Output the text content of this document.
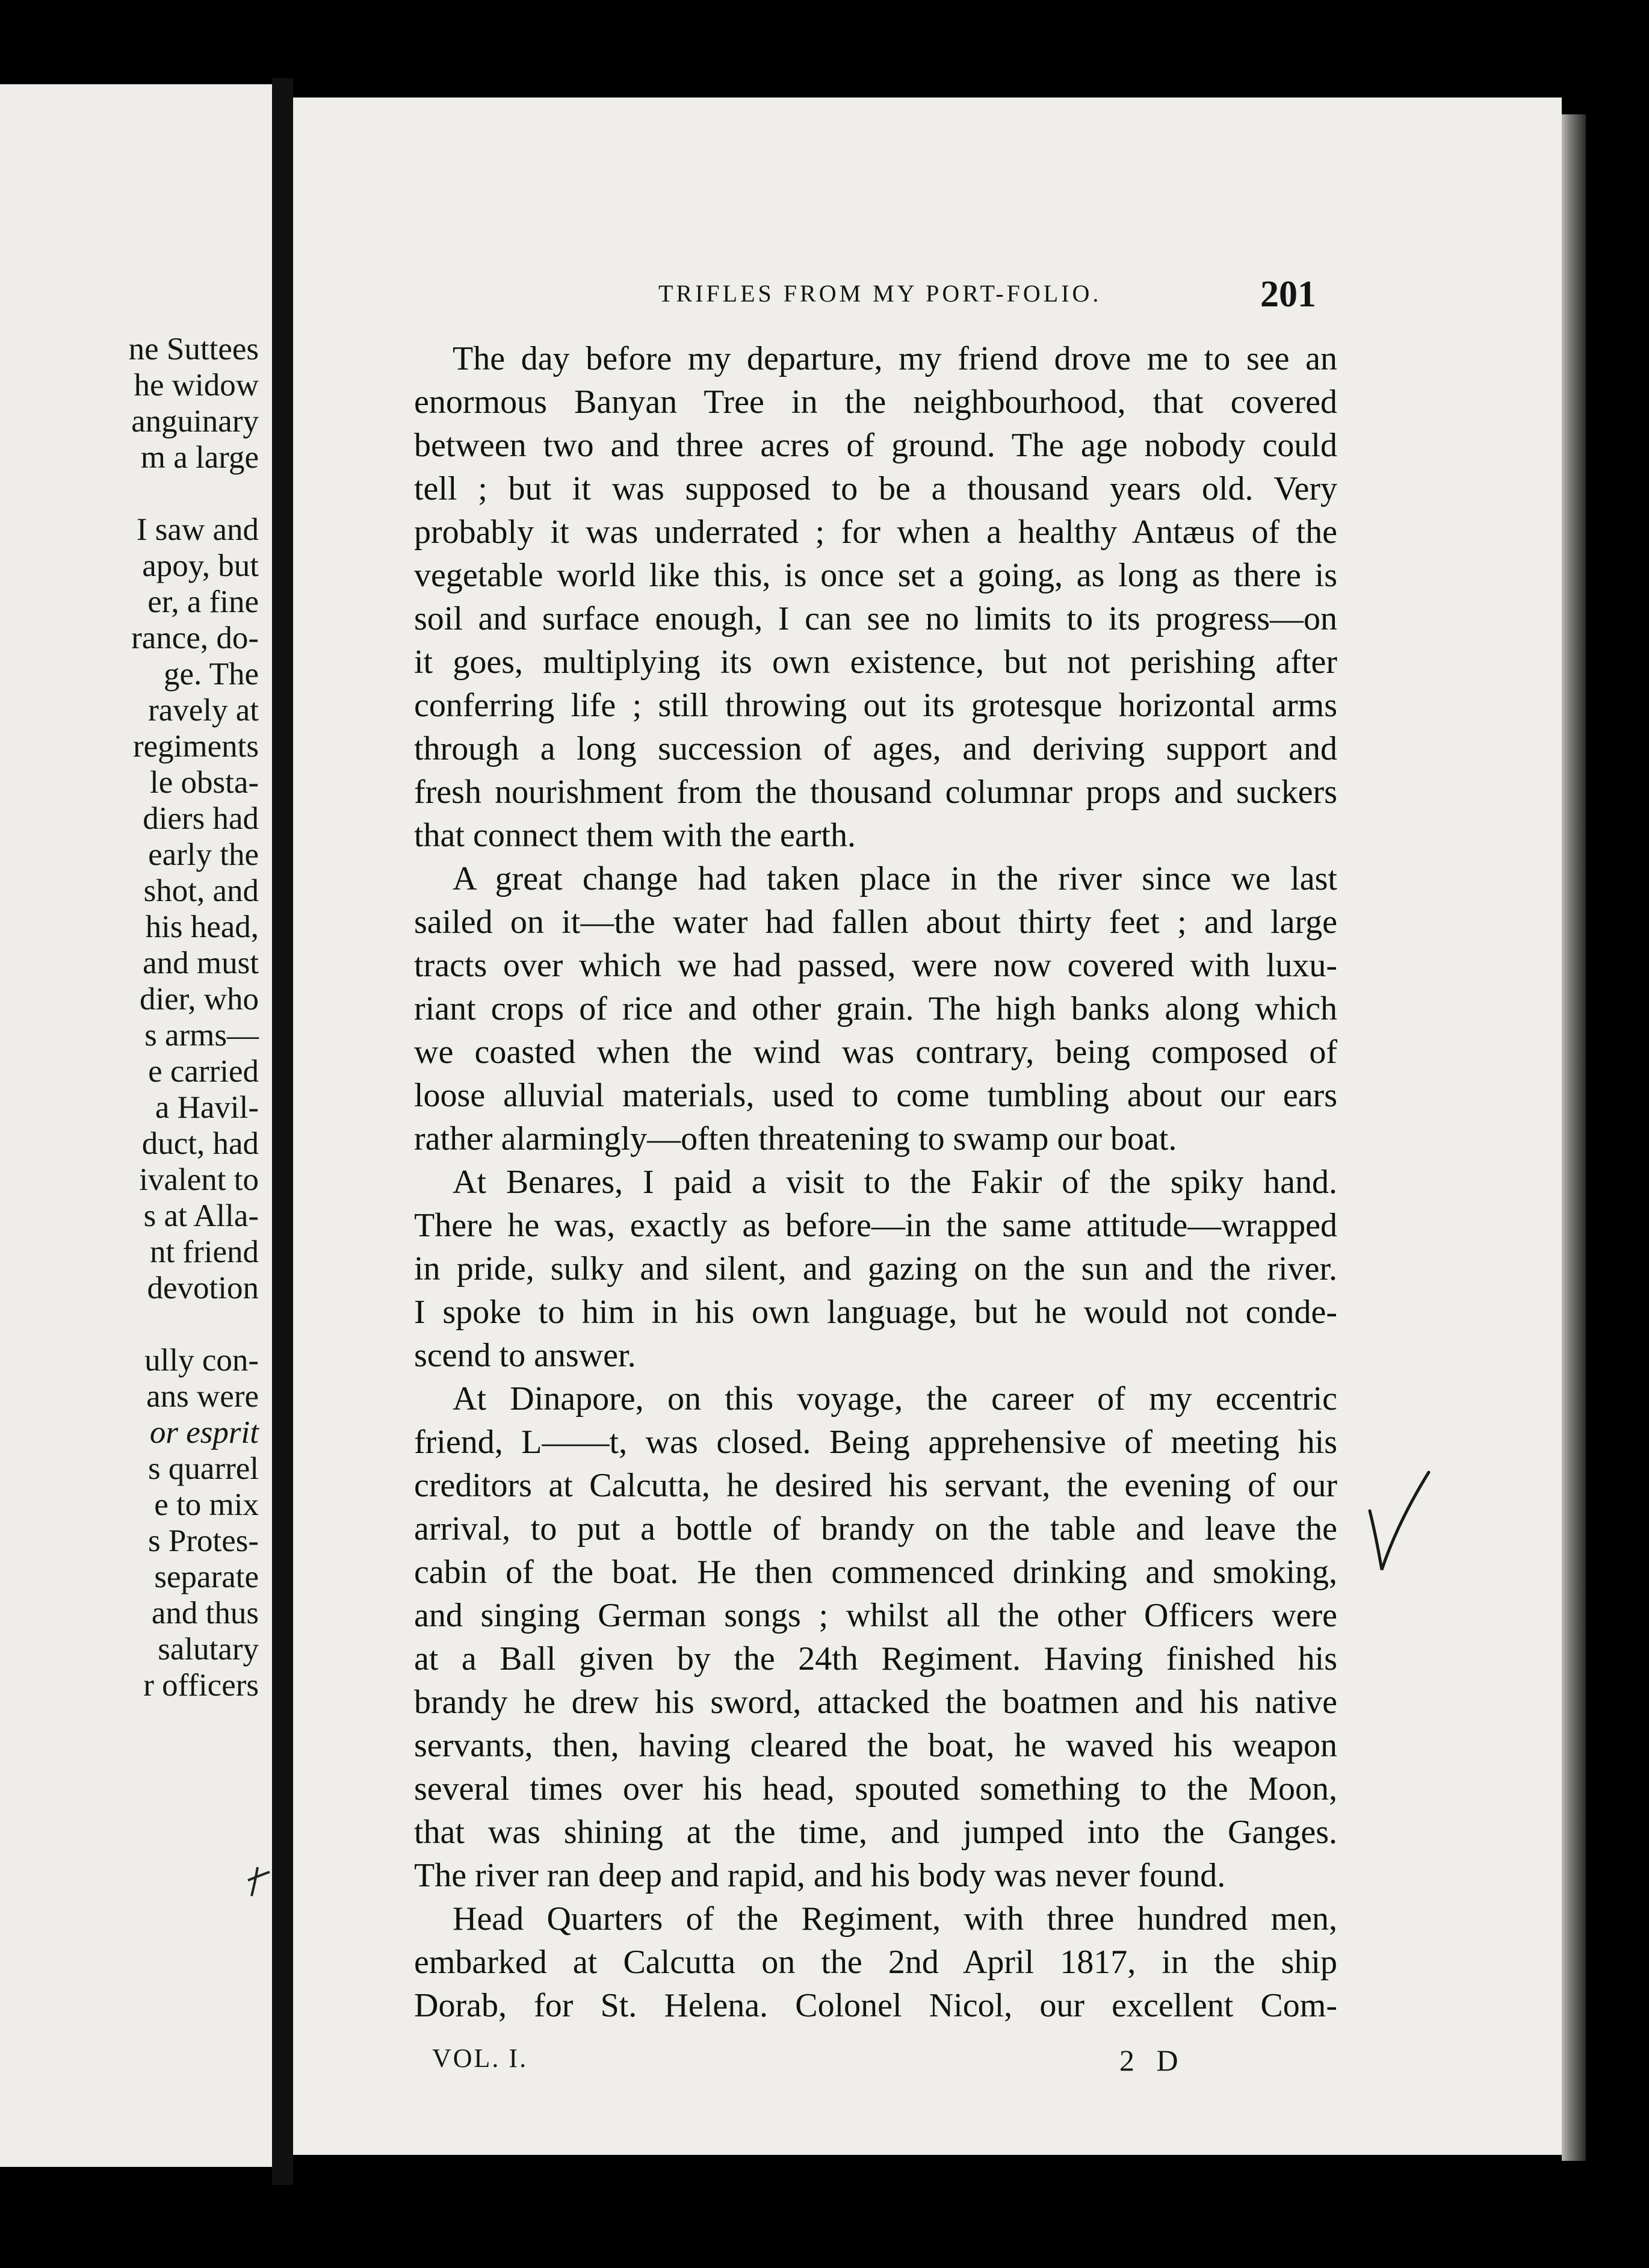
ne Suttees
he widow
anguinary
m a large
I saw and
apoy, but
er, a fine
rance, do-
ge. The
ravely at
regiments
le obsta-
diers had
early the
shot, and
his head,
and must
dier, who
s arms—
e carried
a Havil-
duct, had
ivalent to
s at Alla-
nt friend
devotion
ully con-
ans were
or esprit
s quarrel
e to mix
s Protes-
separate
and thus
salutary
r officers
TRIFLES FROM MY PORT-FOLIO.	201
The day before my departure, my friend drove me to see an
enormous Banyan Tree in the neighbourhood, that covered
between two and three acres of ground. The age nobody could
tell ; but it was supposed to be a thousand years old. Very
probably it was underrated ; for when a healthy Antæus of the
vegetable world like this, is once set a going, as long as there is
soil and surface enough, I can see no limits to its progress—on
it goes, multiplying its own existence, but not perishing after
conferring life ; still throwing out its grotesque horizontal arms
through a long succession of ages, and deriving support and
fresh nourishment from the thousand columnar props and suckers
that connect them with the earth.
A great change had taken place in the river since we last
sailed on it—the water had fallen about thirty feet ; and large
tracts over which we had passed, were now covered with luxu-
riant crops of rice and other grain. The high banks along which
we coasted when the wind was contrary, being composed of
loose alluvial materials, used to come tumbling about our ears
rather alarmingly—often threatening to swamp our boat.
At Benares, I paid a visit to the Fakir of the spiky hand.
There he was, exactly as before—in the same attitude—wrapped
in pride, sulky and silent, and gazing on the sun and the river.
I spoke to him in his own language, but he would not conde-
scend to answer.
At Dinapore, on this voyage, the career of my eccentric
friend, L——t, was closed. Being apprehensive of meeting his
creditors at Calcutta, he desired his servant, the evening of our
arrival, to put a bottle of brandy on the table and leave the
cabin of the boat. He then commenced drinking and smoking,
and singing German songs ; whilst all the other Officers were
at a Ball given by the 24th Regiment. Having finished his
brandy he drew his sword, attacked the boatmen and his native
servants, then, having cleared the boat, he waved his weapon
several times over his head, spouted something to the Moon,
that was shining at the time, and jumped into the Ganges.
The river ran deep and rapid, and his body was never found.
Head Quarters of the Regiment, with three hundred men,
embarked at Calcutta on the 2nd April 1817, in the ship
Dorab, for St. Helena. Colonel Nicol, our excellent Com-
VOL. I.	2 D
